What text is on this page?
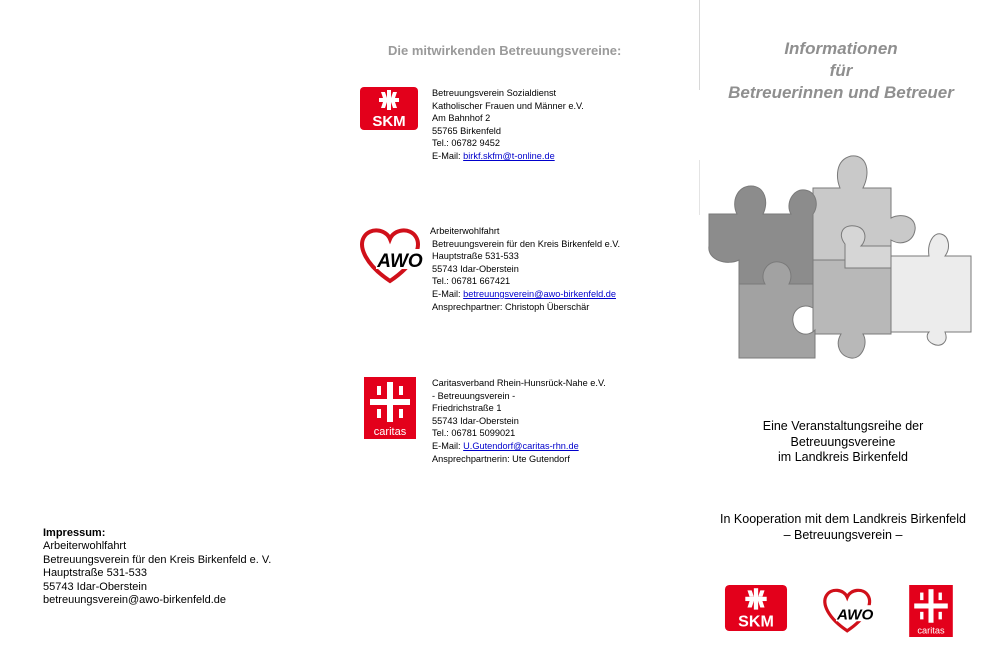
Die mitwirkenden Betreuungsvereine:
SKM
Betreuungsverein Sozialdienst
Katholischer Frauen und Männer e.V.
Am Bahnhof 2
55765 Birkenfeld
Tel.: 06782 9452
E-Mail: birkf.skfm@t-online.de
AWO
Arbeiterwohlfahrt
Betreuungsverein für den Kreis Birkenfeld e.V.
Hauptstraße 531-533
55743 Idar-Oberstein
Tel.: 06781 667421
E-Mail: betreuungsverein@awo-birkenfeld.de
Ansprechpartner: Christoph Überschär
caritas
Caritasverband Rhein-Hunsrück-Nahe e.V.
- Betreuungsverein -
Friedrichstraße 1
55743 Idar-Oberstein
Tel.: 06781 5099021
E-Mail: U.Gutendorf@caritas-rhn.de
Ansprechpartnerin: Ute Gutendorf
Informationen
für
Betreuerinnen und Betreuer
Eine Veranstaltungsreihe der
Betreuungsvereine
im Landkreis Birkenfeld
In Kooperation mit dem Landkreis Birkenfeld
– Betreuungsverein –
SKM	AWO
caritas
Impressum:
Arbeiterwohlfahrt
Betreuungsverein für den Kreis Birkenfeld e. V.
Hauptstraße 531-533
55743 Idar-Oberstein
betreuungsverein@awo-birkenfeld.de
